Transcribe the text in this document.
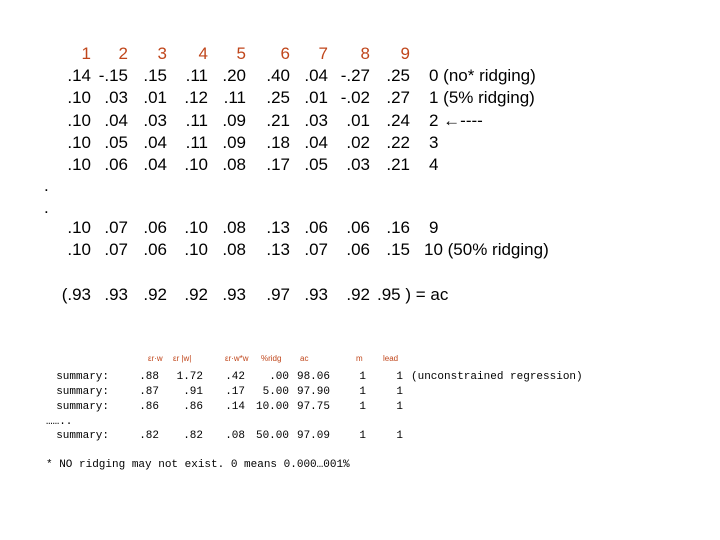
1	2	3	4	5	6	7	8	9
.14 -.15 .15	.11 .20	.40 .04 -.27 .25 0 (no* ridging)
.10 .03 .01	.12 .11	.25 .01 -.02 .27 1 (5% ridging)
.10 .04 .03	.11 .09	.21 .03	.01 .24 2 ←----
.10 .05 .04	.11 .09	.18 .04	.02 .22 3
.10 .06 .04	.10 .08	.17 .05	.03 .21 4
.
.
.10 .07 .06	.10 .08	.13 .06	.06 .16 9
.10 .07 .06	.10 .08	.13 .07	.06 .15 10 (50% ridging)
(.93 .93 .92	.92 .93	.97 .93	.92 .95 ) = ac
εr·w εr |w|	εr·w*w %ridg ac	m	lead
summary:	.88	1.72	.42	.00 98.06	1	1 (unconstrained regression)
summary:	.87	.91	.17	5.00 97.90	1	1
summary:	.86	.86	.14 10.00 97.75	1	1
……..
summary:	.82	.82	.08 50.00 97.09	1	1
* NO ridging may not exist. 0 means 0.000…001%
